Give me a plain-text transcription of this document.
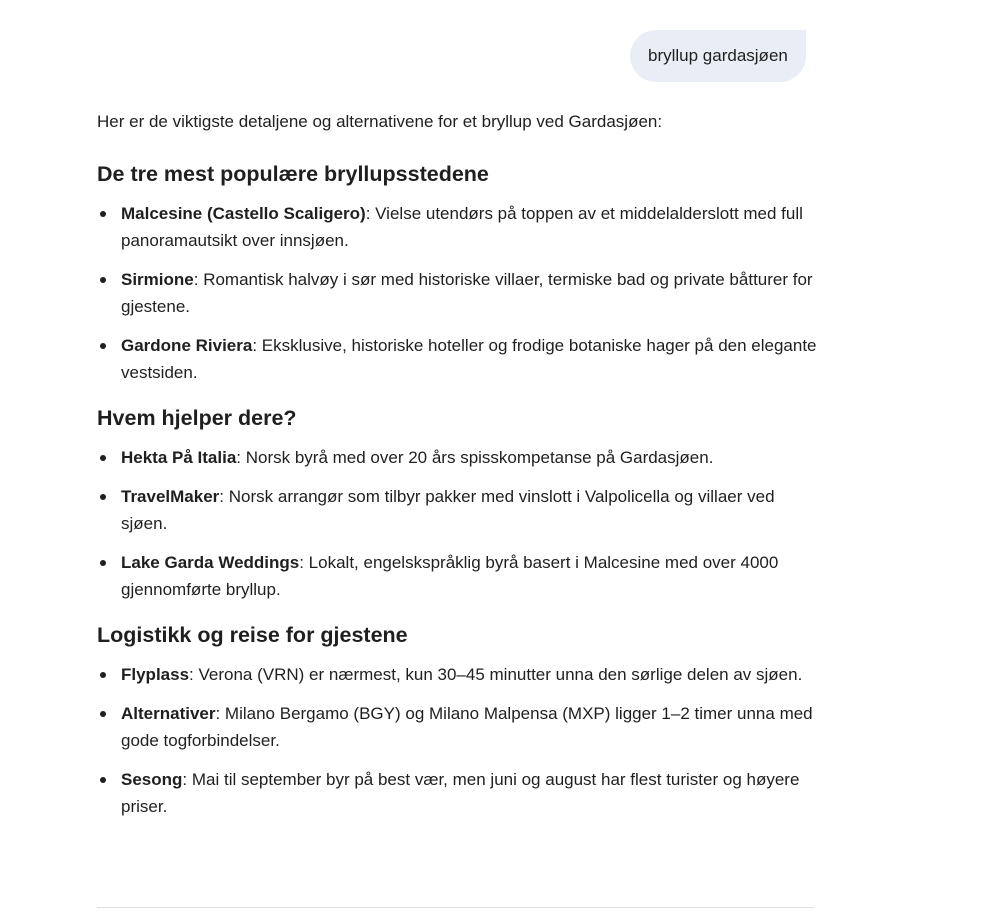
bryllup gardasjøen

Her er de viktigste detaljene og alternativene for et bryllup ved Gardasjøen:

De tre mest populære bryllupsstedene
Malcesine (Castello Scaligero): Vielse utendørs på toppen av et middelalderslott med full panoramautsikt over innsjøen.
Sirmione: Romantisk halvøy i sør med historiske villaer, termiske bad og private båtturer for gjestene.
Gardone Riviera: Eksklusive, historiske hoteller og frodige botaniske hager på den elegante vestsiden.
Hvem hjelper dere?
Hekta På Italia: Norsk byrå med over 20 års spisskompetanse på Gardasjøen.
TravelMaker: Norsk arrangør som tilbyr pakker med vinslott i Valpolicella og villaer ved sjøen.
Lake Garda Weddings: Lokalt, engelskspråklig byrå basert i Malcesine med over 4000 gjennomførte bryllup.
Logistikk og reise for gjestene
Flyplass: Verona (VRN) er nærmest, kun 30–45 minutter unna den sørlige delen av sjøen.
Alternativer: Milano Bergamo (BGY) og Milano Malpensa (MXP) ligger 1–2 timer unna med gode togforbindelser.
Sesong: Mai til september byr på best vær, men juni og august har flest turister og høyere priser.
